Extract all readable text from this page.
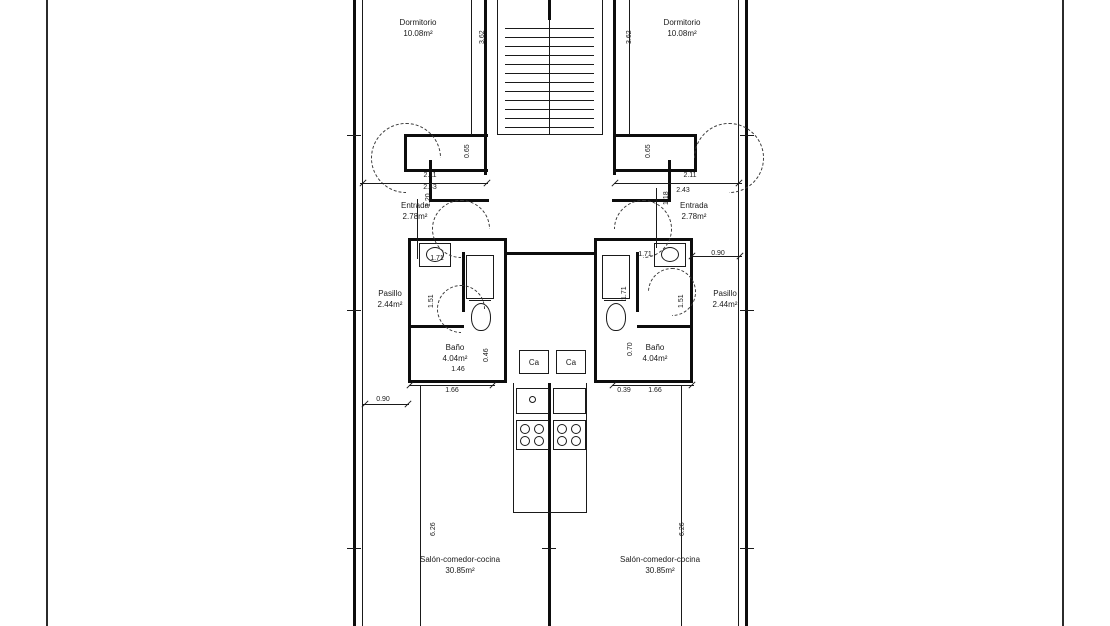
Ca	Ca
Dormitorio
10.08m²
Dormitorio
10.08m²
Entrada
2.78m²
Entrada
2.78m²
Pasillo
2.44m²
Pasillo
2.44m²
Baño
4.04m²
Baño
4.04m²
Salón-comedor-cocina
30.85m²
Salón-comedor-cocina
30.85m²
2.11
2.43
2.11
2.43
1.71
1.71	0.90
1.46
1.66	0.39 1.66
0.90
3.62	3.62
0.65	0.65
1.20	1.18
1.51
1.71
1.51
0.46	0.70
6.26	6.26
